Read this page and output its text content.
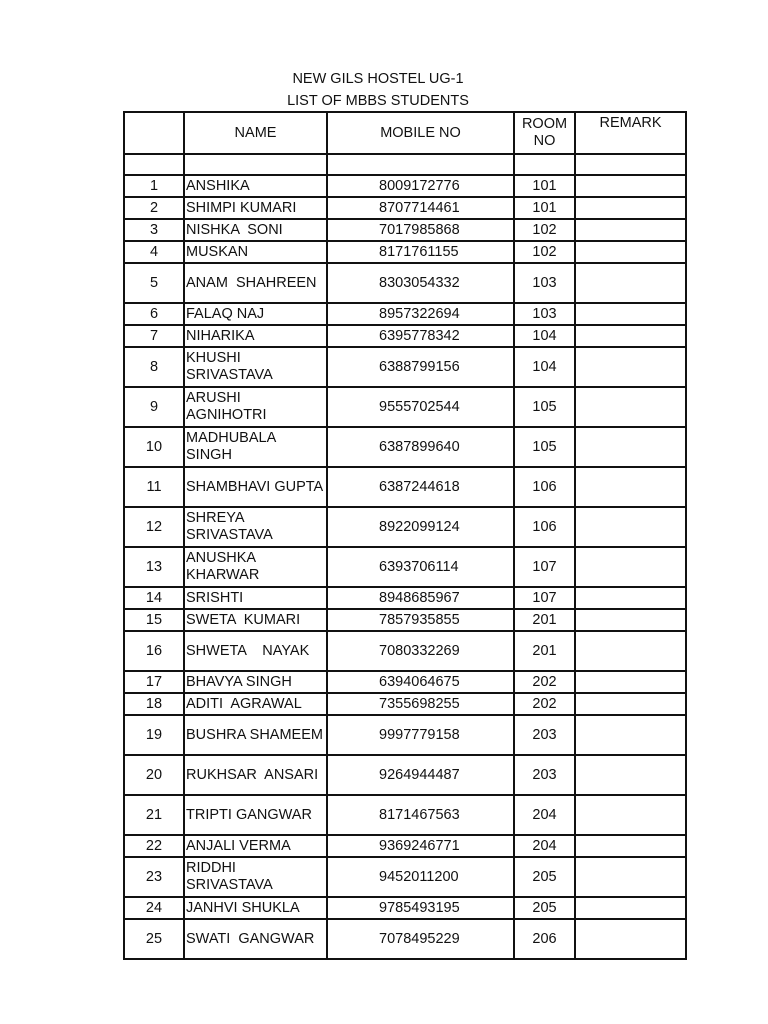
NEW GILS HOSTEL UG-1
LIST OF MBBS STUDENTS
	NAME	MOBILE NO	ROOM NO	REMARK

1	ANSHIKA	8009172776	101	
2	SHIMPI KUMARI	8707714461	101	
3	NISHKA  SONI	7017985868	102	
4	MUSKAN	8171761155	102	
5	ANAM  SHAHREEN	8303054332	103	
6	FALAQ NAJ	8957322694	103	
7	NIHARIKA	6395778342	104	
8	KHUSHI SRIVASTAVA	6388799156	104	
9	ARUSHI AGNIHOTRI	9555702544	105	
10	MADHUBALA SINGH	6387899640	105	
11	SHAMBHAVI GUPTA	6387244618	106	
12	SHREYA SRIVASTAVA	8922099124	106	
13	ANUSHKA KHARWAR	6393706114	107	
14	SRISHTI	8948685967	107	
15	SWETA  KUMARI	7857935855	201	
16	SHWETA    NAYAK	7080332269	201	
17	BHAVYA SINGH	6394064675	202	
18	ADITI  AGRAWAL	7355698255	202	
19	BUSHRA SHAMEEM	9997779158	203	
20	RUKHSAR  ANSARI	9264944487	203	
21	TRIPTI GANGWAR	8171467563	204	
22	ANJALI VERMA	9369246771	204	
23	RIDDHI SRIVASTAVA	9452011200	205	
24	JANHVI SHUKLA	9785493195	205	
25	SWATI  GANGWAR	7078495229	206	
